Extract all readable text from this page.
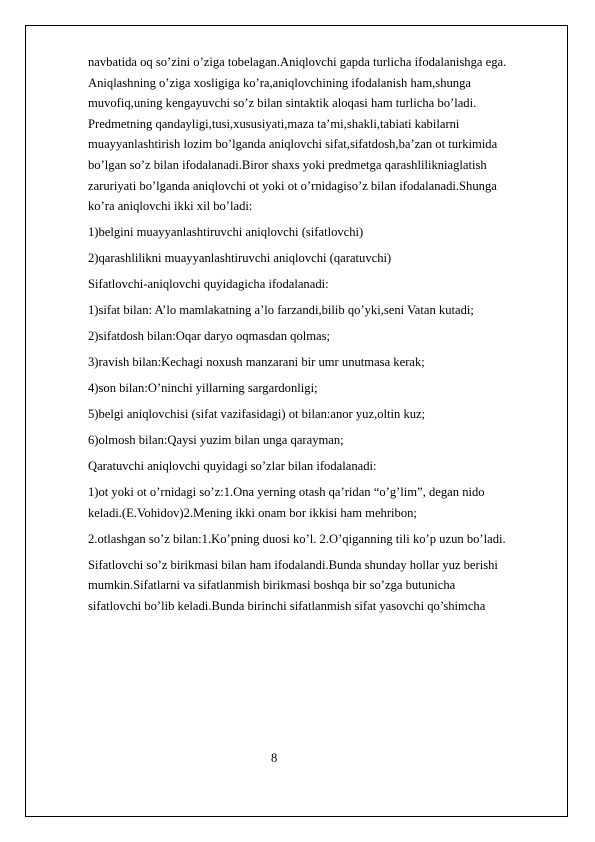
navbatida oq so’zini o’ziga tobelagan.Aniqlovchi gapda turlicha ifodalanishga ega.
Aniqlashning o’ziga xosligiga ko’ra,aniqlovchining ifodalanish ham,shunga
muvofiq,uning kengayuvchi so’z bilan sintaktik aloqasi ham turlicha bo’ladi.
Predmetning qandayligi,tusi,xususiyati,maza ta’mi,shakli,tabiati kabilarni
muayyanlashtirish lozim bo’lganda aniqlovchi sifat,sifatdosh,ba’zan ot turkimida
bo’lgan so’z bilan ifodalanadi.Biror shaxs yoki predmetga qarashlilikniaglatish
zaruriyati bo’lganda aniqlovchi ot yoki ot o’rnidagiso’z bilan ifodalanadi.Shunga
ko’ra aniqlovchi ikki xil bo’ladi:
1)belgini muayyanlashtiruvchi aniqlovchi (sifatlovchi)
2)qarashlilikni muayyanlashtiruvchi aniqlovchi (qaratuvchi)
Sifatlovchi-aniqlovchi quyidagicha ifodalanadi:
1)sifat bilan: A’lo mamlakatning a’lo farzandi,bilib qo’yki,seni Vatan kutadi;
2)sifatdosh bilan:Oqar daryo oqmasdan qolmas;
3)ravish bilan:Kechagi noxush manzarani bir umr unutmasa kerak;
4)son bilan:O’ninchi yillarning sargardonligi;
5)belgi aniqlovchisi (sifat vazifasidagi) ot bilan:anor yuz,oltin kuz;
6)olmosh bilan:Qaysi yuzim bilan unga qarayman;
Qaratuvchi aniqlovchi quyidagi so’zlar bilan ifodalanadi:
1)ot yoki ot o’rnidagi so’z:1.Ona yerning otash qa’ridan “o’g’lim”, degan nido
keladi.(E.Vohidov)2.Mening ikki onam bor ikkisi ham mehribon;
2.otlashgan so’z bilan:1.Ko’pning duosi ko’l. 2.O’qiganning tili ko’p uzun bo’ladi.
Sifatlovchi so’z birikmasi bilan ham ifodalandi.Bunda shunday hollar yuz berishi
mumkin.Sifatlarni va sifatlanmish birikmasi boshqa bir so’zga butunicha
sifatlovchi bo’lib keladi.Bunda birinchi sifatlanmish sifat yasovchi qo’shimcha
8
